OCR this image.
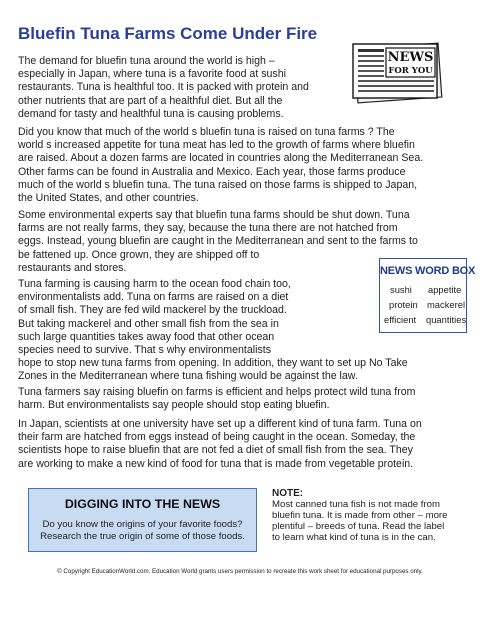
Bluefin Tuna Farms Come Under Fire
NEWS
FOR YOU
The demand for bluefin tuna around the world is high –
especially in Japan, where tuna is a favorite food at sushi
restaurants. Tuna is healthful too. It is packed with protein and
other nutrients that are part of a healthful diet. But all the
demand for tasty and healthful tuna is causing problems.
Did you know that much of the world s bluefin tuna is raised on tuna farms ? The
world s increased appetite for tuna meat has led to the growth of farms where bluefin
are raised. About a dozen farms are located in countries along the Mediterranean Sea.
Other farms can be found in Australia and Mexico. Each year, those farms produce
much of the world s bluefin tuna. The tuna raised on those farms is shipped to Japan,
the United States, and other countries.
Some environmental experts say that bluefin tuna farms should be shut down. Tuna
farms are not really farms, they say, because the tuna there are not hatched from
eggs. Instead, young bluefin are caught in the Mediterranean and sent to the farms to
be fattened up. Once grown, they are shipped off to
restaurants and stores.
Tuna farming is causing harm to the ocean food chain too,
environmentalists add. Tuna on farms are raised on a diet
of small fish. They are fed wild mackerel by the truckload.
But taking mackerel and other small fish from the sea in
such large quantities takes away food that other ocean
species need to survive. That s why environmentalists
hope to stop new tuna farms from opening. In addition, they want to set up No Take
Zones in the Mediterranean where tuna fishing would be against the law.
Tuna farmers say raising bluefin on farms is efficient and helps protect wild tuna from
harm. But environmentalists say people should stop eating bluefin.
In Japan, scientists at one university have set up a different kind of tuna farm. Tuna on
their farm are hatched from eggs instead of being caught in the ocean. Someday, the
scientists hope to raise bluefin that are not fed a diet of small fish from the sea. They
are working to make a new kind of food for tuna that is made from vegetable protein.
NEWS WORD BOX
sushi appetite
protein mackerel
efficient quantities
DIGGING INTO THE NEWS
Do you know the origins of your favorite foods?
Research the true origin of some of those foods.
NOTE:
Most canned tuna fish is not made from
bluefin tuna. It is made from other – more
plentiful – breeds of tuna. Read the label
to learn what kind of tuna is in the can.
© Copyright EducationWorld.com. Education World grants users permission to recreate this work sheet for educational purposes only.
